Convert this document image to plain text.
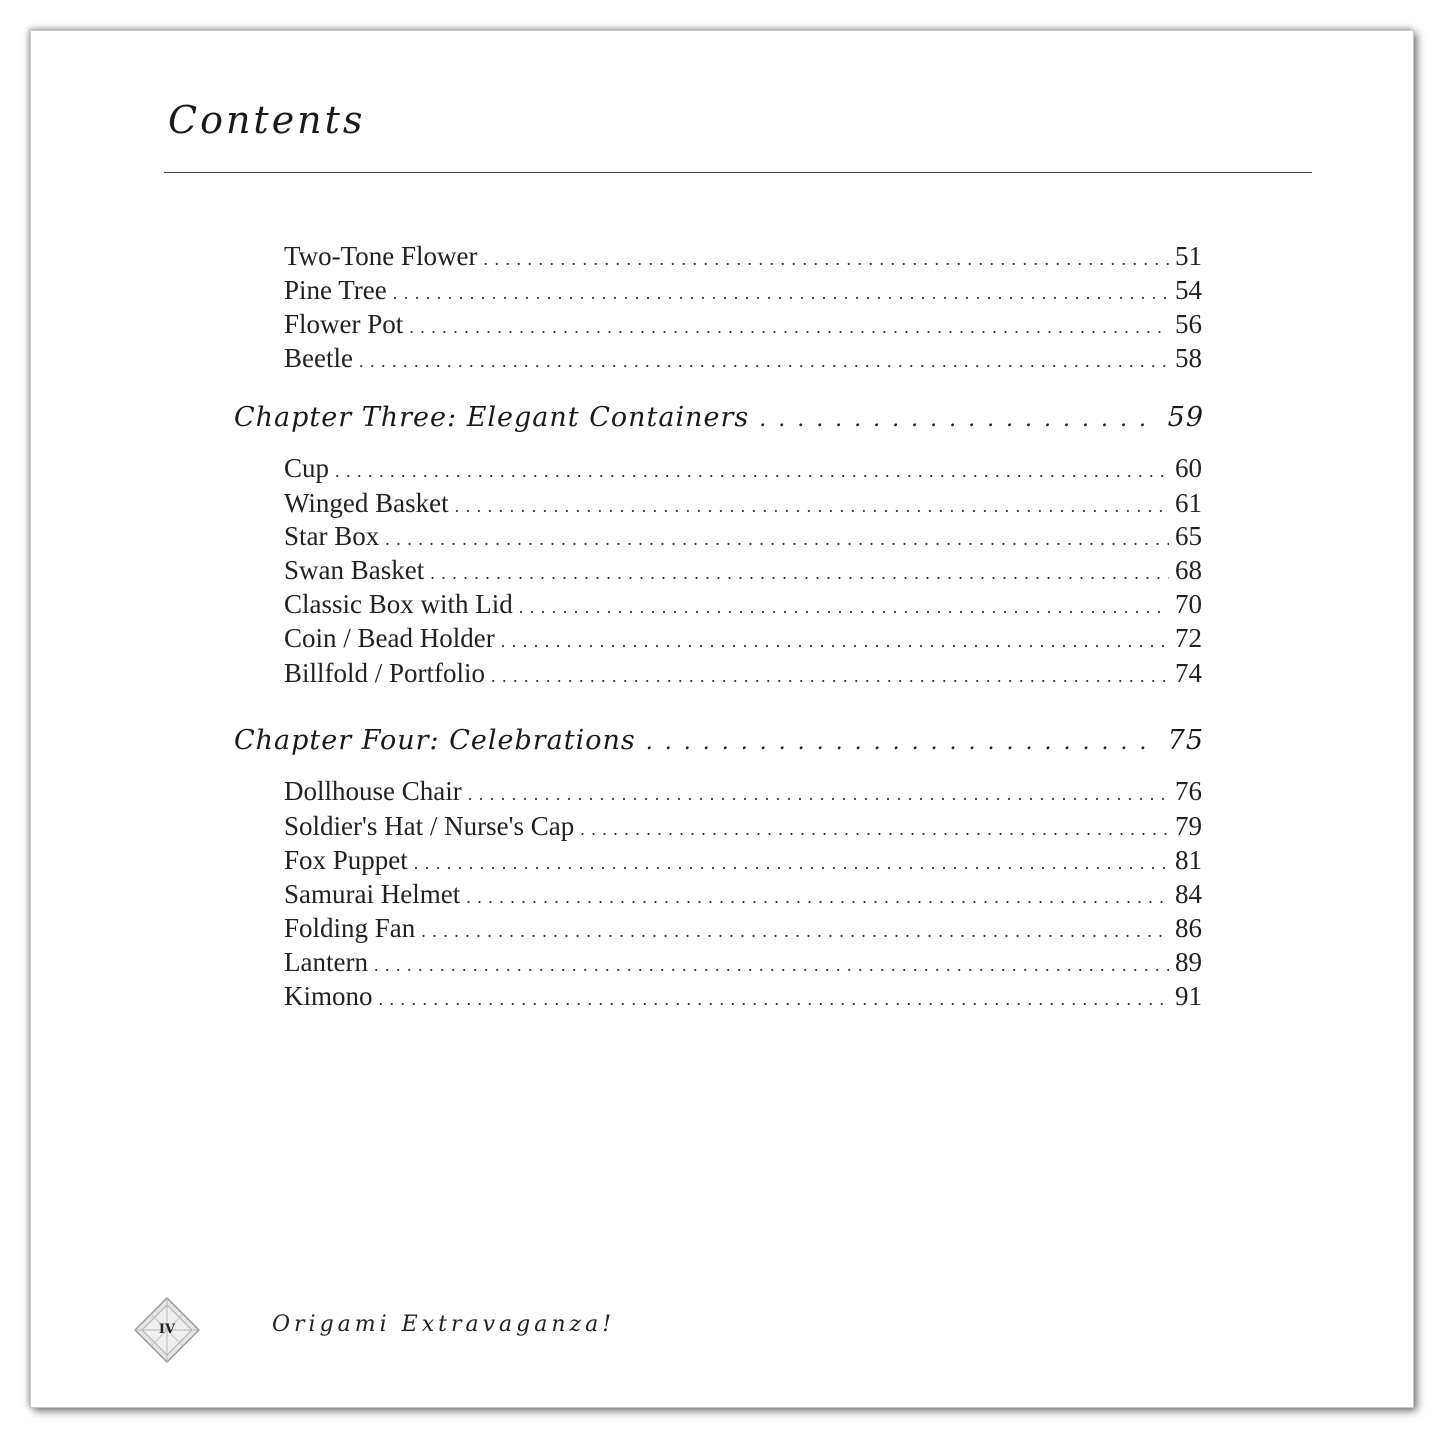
Contents
Two-Tone Flower . . .	51
Pine Tree . . .	54
Flower Pot . . .	56
Beetle . . .	58
Chapter Three: Elegant Containers . . .	59
Cup . . .	60
Winged Basket . . .	61
Star Box . . .	65
Swan Basket . . .	68
Classic Box with Lid . . .	70
Coin / Bead Holder . . .	72
Billfold / Portfolio . . .	74
Chapter Four: Celebrations . . .	75
Dollhouse Chair . . .	76
Soldier's Hat / Nurse's Cap . . .	79
Fox Puppet . . .	81
Samurai Helmet . . .	84
Folding Fan . . .	86
Lantern . . .	89
Kimono . . .	91
IV	Origami Extravaganza!
